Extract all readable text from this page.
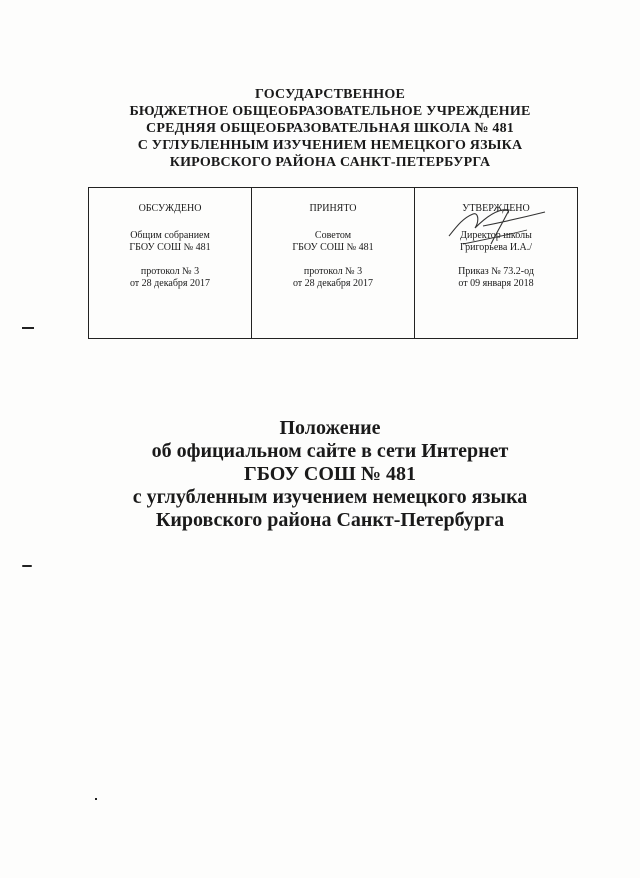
ГОСУДАРСТВЕННОЕ
БЮДЖЕТНОЕ ОБЩЕОБРАЗОВАТЕЛЬНОЕ УЧРЕЖДЕНИЕ
СРЕДНЯЯ ОБЩЕОБРАЗОВАТЕЛЬНАЯ ШКОЛА № 481
С УГЛУБЛЕННЫМ ИЗУЧЕНИЕМ НЕМЕЦКОГО ЯЗЫКА
КИРОВСКОГО РАЙОНА САНКТ-ПЕТЕРБУРГА
ОБСУЖДЕНО
Общим собранием
ГБОУ СОШ № 481
протокол № 3
от 28 декабря 2017
ПРИНЯТО
Советом
ГБОУ СОШ № 481
протокол № 3
от 28 декабря 2017
УТВЕРЖДЕНО
Директор школы
Григорьева И.А./
Приказ № 73.2-од
от 09 января 2018
Положение
об официальном сайте в сети Интернет
ГБОУ СОШ № 481
с углубленным изучением немецкого языка
Кировского района Санкт-Петербурга
